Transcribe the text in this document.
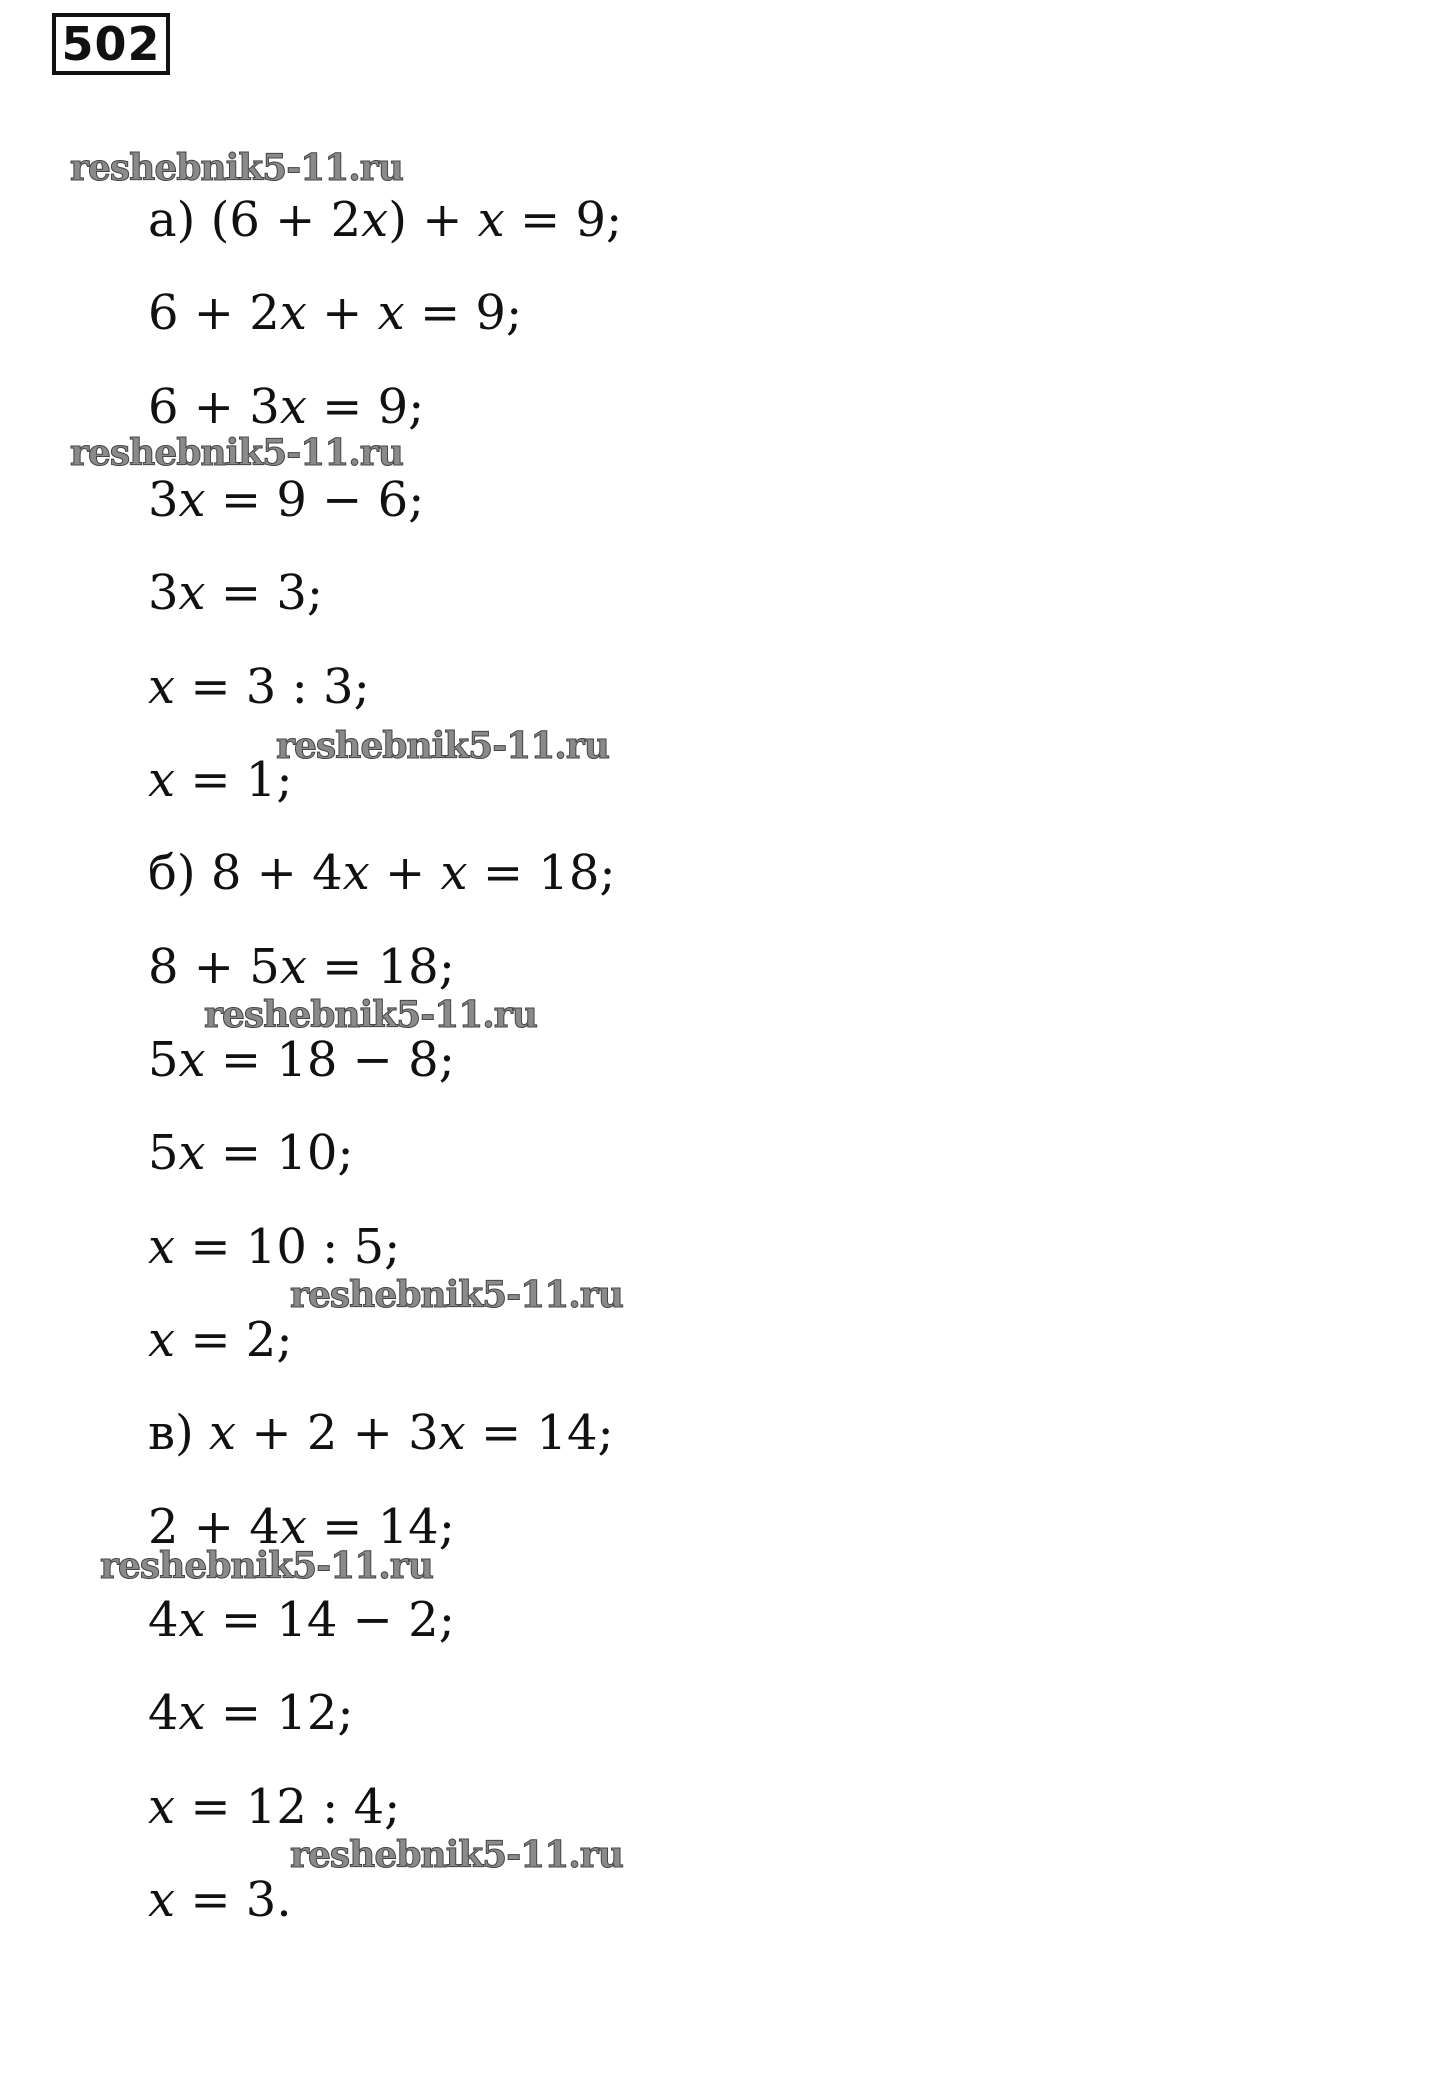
502
а) (6 + 2𝑥) + 𝑥 = 9;
6 + 2𝑥 + 𝑥 = 9;
6 + 3𝑥 = 9;
3𝑥 = 9 − 6;
3𝑥 = 3;
𝑥 = 3 : 3;
𝑥 = 1;
б) 8 + 4𝑥 + 𝑥 = 18;
8 + 5𝑥 = 18;
5𝑥 = 18 − 8;
5𝑥 = 10;
𝑥 = 10 : 5;
𝑥 = 2;
в) 𝑥 + 2 + 3𝑥 = 14;
2 + 4𝑥 = 14;
4𝑥 = 14 − 2;
4𝑥 = 12;
𝑥 = 12 : 4;
𝑥 = 3.
reshebnik5-11.ru
reshebnik5-11.ru
reshebnik5-11.ru
reshebnik5-11.ru
reshebnik5-11.ru
reshebnik5-11.ru
reshebnik5-11.ru
